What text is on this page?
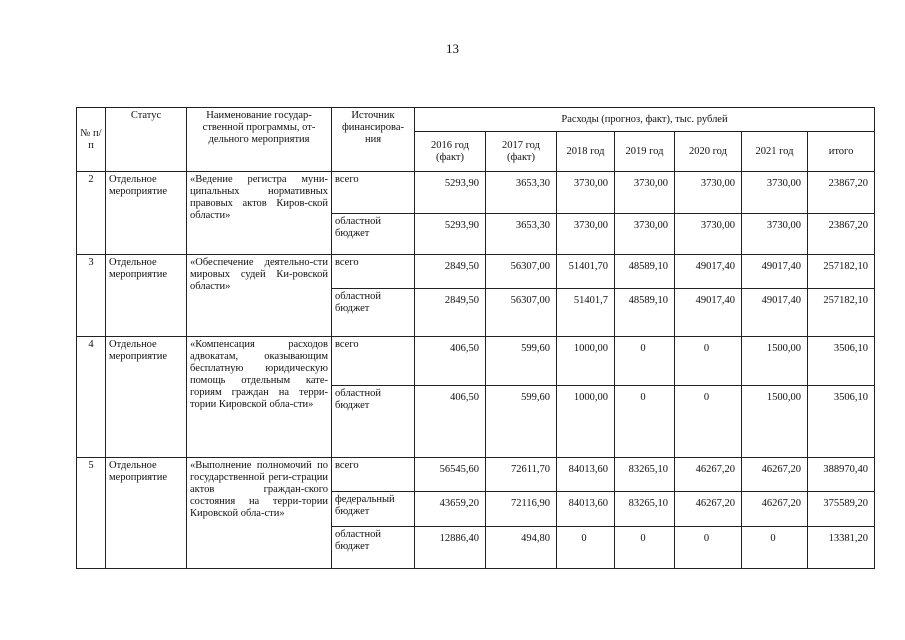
13
№ п/п	Статус	Наименование государ-ственной программы, от-дельного мероприятия	Источник финансирова-ния	Расходы (прогноз, факт), тыс. рублей						
				2016 год (факт)	2017 год (факт)	2018 год	2019 год	2020 год	2021 год	итого
2	Отдельное мероприятие	«Ведение регистра муни-ципальных нормативных правовых актов Киров-ской области»	всего	5293,90	3653,30	3730,00	3730,00	3730,00	3730,00	23867,20
			областной бюджет	5293,90	3653,30	3730,00	3730,00	3730,00	3730,00	23867,20
3	Отдельное мероприятие	«Обеспечение деятельно-сти мировых судей Ки-ровской области»	всего	2849,50	56307,00	51401,70	48589,10	49017,40	49017,40	257182,10
			областной бюджет	2849,50	56307,00	51401,7	48589,10	49017,40	49017,40	257182,10
4	Отдельное мероприятие	«Компенсация расходов адвокатам, оказывающим бесплатную юридическую помощь отдельным кате-гориям граждан на терри-тории Кировской обла-сти»	всего	406,50	599,60	1000,00	0	0	1500,00	3506,10
			областной бюджет	406,50	599,60	1000,00	0	0	1500,00	3506,10
5	Отдельное мероприятие	«Выполнение полномочий по государственной реги-страции актов граждан-ского состояния на терри-тории Кировской обла-сти»	всего	56545,60	72611,70	84013,60	83265,10	46267,20	46267,20	388970,40
			федеральный бюджет	43659,20	72116,90	84013,60	83265,10	46267,20	46267,20	375589,20
			областной бюджет	12886,40	494,80	0	0	0	0	13381,20
